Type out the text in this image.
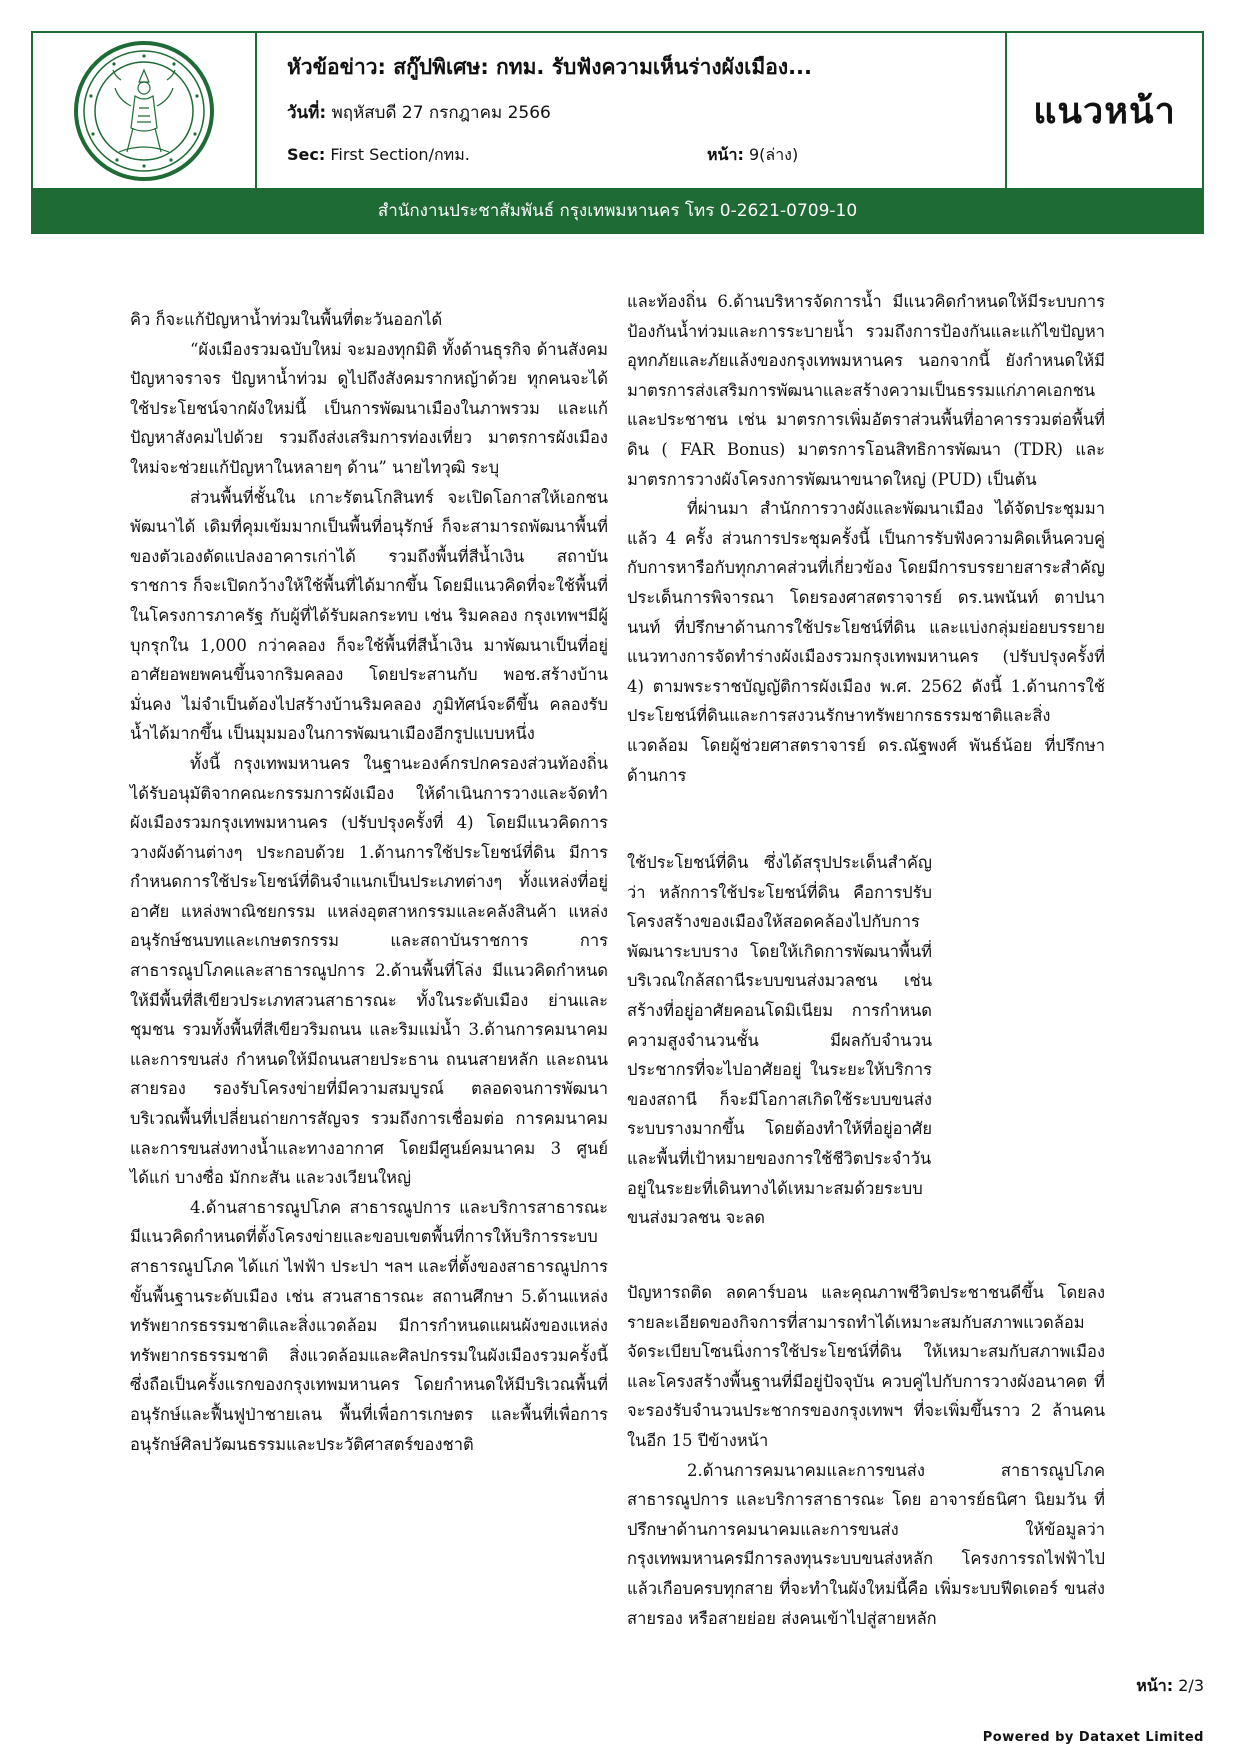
หัวข้อข่าว: สกู๊ปพิเศษ: กทม. รับฟังความเห็นร่างผังเมือง...
วันที่: พฤหัสบดี 27 กรกฎาคม 2566
Sec: First Section/กทม.	หน้า: 9(ล่าง)
แนวหน้า
สำนักงานประชาสัมพันธ์ กรุงเทพมหานคร โทร 0-2621-0709-10

คิว ก็จะแก้ปัญหาน้ำท่วมในพื้นที่ตะวันออกได้

“ผังเมืองรวมฉบับใหม่ จะมองทุกมิติ ทั้งด้านธุรกิจ ด้านสังคม ปัญหาจราจร ปัญหาน้ำท่วม ดูไปถึงสังคมรากหญ้าด้วย ทุกคนจะได้ใช้ประโยชน์จากผังใหม่นี้ เป็นการพัฒนาเมืองในภาพรวม และแก้ปัญหาสังคมไปด้วย รวมถึงส่งเสริมการท่องเที่ยว มาตรการผังเมืองใหม่จะช่วยแก้ปัญหาในหลายๆ ด้าน” นายไทวุฒิ ระบุ

ส่วนพื้นที่ชั้นใน เกาะรัตนโกสินทร์ จะเปิดโอกาสให้เอกชนพัฒนาได้ เดิมที่คุมเข้มมากเป็นพื้นที่อนุรักษ์ ก็จะสามารถพัฒนาพื้นที่ของตัวเองดัดแปลงอาคารเก่าได้ รวมถึงพื้นที่สีน้ำเงิน สถาบันราชการ ก็จะเปิดกว้างให้ใช้พื้นที่ได้มากขึ้น โดยมีแนวคิดที่จะใช้พื้นที่ในโครงการภาครัฐ กับผู้ที่ได้รับผลกระทบ เช่น ริมคลอง กรุงเทพฯมีผู้บุกรุกใน 1,000 กว่าคลอง ก็จะใช้พื้นที่สีน้ำเงิน มาพัฒนาเป็นที่อยู่อาศัยอพยพคนขึ้นจากริมคลอง โดยประสานกับ พอช.สร้างบ้านมั่นคง ไม่จำเป็นต้องไปสร้างบ้านริมคลอง ภูมิทัศน์จะดีขึ้น คลองรับน้ำได้มากขึ้น เป็นมุมมองในการพัฒนาเมืองอีกรูปแบบหนึ่ง

ทั้งนี้ กรุงเทพมหานคร ในฐานะองค์กรปกครองส่วนท้องถิ่น ได้รับอนุมัติจากคณะกรรมการผังเมือง ให้ดำเนินการวางและจัดทำผังเมืองรวมกรุงเทพมหานคร (ปรับปรุงครั้งที่ 4) โดยมีแนวคิดการวางผังด้านต่างๆ ประกอบด้วย 1.ด้านการใช้ประโยชน์ที่ดิน มีการกำหนดการใช้ประโยชน์ที่ดินจำแนกเป็นประเภทต่างๆ ทั้งแหล่งที่อยู่อาศัย แหล่งพาณิชยกรรม แหล่งอุตสาหกรรมและคลังสินค้า แหล่งอนุรักษ์ชนบทและเกษตรกรรม และสถาบันราชการ การสาธารณูปโภคและสาธารณูปการ 2.ด้านพื้นที่โล่ง มีแนวคิดกำหนดให้มีพื้นที่สีเขียวประเภทสวนสาธารณะ ทั้งในระดับเมือง ย่านและชุมชน รวมทั้งพื้นที่สีเขียวริมถนน และริมแม่น้ำ 3.ด้านการคมนาคมและการขนส่ง กำหนดให้มีถนนสายประธาน ถนนสายหลัก และถนนสายรอง รองรับโครงข่ายที่มีความสมบูรณ์ ตลอดจนการพัฒนาบริเวณพื้นที่เปลี่ยนถ่ายการสัญจร รวมถึงการเชื่อมต่อ การคมนาคมและการขนส่งทางน้ำและทางอากาศ โดยมีศูนย์คมนาคม 3 ศูนย์ ได้แก่ บางซื่อ มักกะสัน และวงเวียนใหญ่

4.ด้านสาธารณูปโภค สาธารณูปการ และบริการสาธารณะ มีแนวคิดกำหนดที่ตั้งโครงข่ายและขอบเขตพื้นที่การให้บริการระบบสาธารณูปโภค ได้แก่ ไฟฟ้า ประปา ฯลฯ และที่ตั้งของสาธารณูปการขั้นพื้นฐานระดับเมือง เช่น สวนสาธารณะ สถานศึกษา 5.ด้านแหล่งทรัพยากรธรรมชาติและสิ่งแวดล้อม มีการกำหนดแผนผังของแหล่งทรัพยากรธรรมชาติ สิ่งแวดล้อมและศิลปกรรมในผังเมืองรวมครั้งนี้ ซึ่งถือเป็นครั้งแรกของกรุงเทพมหานคร โดยกำหนดให้มีบริเวณพื้นที่อนุรักษ์และฟื้นฟูป่าชายเลน พื้นที่เพื่อการเกษตร และพื้นที่เพื่อการอนุรักษ์ศิลปวัฒนธรรมและประวัติศาสตร์ของชาติ

และท้องถิ่น 6.ด้านบริหารจัดการน้ำ มีแนวคิดกำหนดให้มีระบบการป้องกันน้ำท่วมและการระบายน้ำ รวมถึงการป้องกันและแก้ไขปัญหาอุทกภัยและภัยแล้งของกรุงเทพมหานคร นอกจากนี้ ยังกำหนดให้มีมาตรการส่งเสริมการพัฒนาและสร้างความเป็นธรรมแก่ภาคเอกชนและประชาชน เช่น มาตรการเพิ่มอัตราส่วนพื้นที่อาคารรวมต่อพื้นที่ดิน ( FAR Bonus) มาตรการโอนสิทธิการพัฒนา (TDR) และมาตรการวางผังโครงการพัฒนาขนาดใหญ่ (PUD) เป็นต้น

ที่ผ่านมา สำนักการวางผังและพัฒนาเมือง ได้จัดประชุมมาแล้ว 4 ครั้ง ส่วนการประชุมครั้งนี้ เป็นการรับฟังความคิดเห็นควบคู่กับการหารือกับทุกภาคส่วนที่เกี่ยวข้อง โดยมีการบรรยายสาระสำคัญประเด็นการพิจารณา โดยรองศาสตราจารย์ ดร.นพนันท์ ตาปนานนท์ ที่ปรึกษาด้านการใช้ประโยชน์ที่ดิน และแบ่งกลุ่มย่อยบรรยายแนวทางการจัดทำร่างผังเมืองรวมกรุงเทพมหานคร (ปรับปรุงครั้งที่ 4) ตามพระราชบัญญัติการผังเมือง พ.ศ. 2562 ดังนี้ 1.ด้านการใช้ประโยชน์ที่ดินและการสงวนรักษาทรัพยากรธรรมชาติและสิ่งแวดล้อม โดยผู้ช่วยศาสตราจารย์ ดร.ณัฐพงศ์ พันธ์น้อย ที่ปรึกษาด้านการ

ใช้ประโยชน์ที่ดิน ซึ่งได้สรุปประเด็นสำคัญว่า หลักการใช้ประโยชน์ที่ดิน คือการปรับโครงสร้างของเมืองให้สอดคล้องไปกับการพัฒนาระบบราง โดยให้เกิดการพัฒนาพื้นที่บริเวณใกล้สถานีระบบขนส่งมวลชน เช่น สร้างที่อยู่อาศัยคอนโดมิเนียม การกำหนดความสูงจำนวนชั้น มีผลกับจำนวนประชากรที่จะไปอาศัยอยู่ ในระยะให้บริการของสถานี ก็จะมีโอกาสเกิดใช้ระบบขนส่งระบบรางมากขึ้น โดยต้องทำให้ที่อยู่อาศัยและพื้นที่เป้าหมายของการใช้ชีวิตประจำวันอยู่ในระยะที่เดินทางได้เหมาะสมด้วยระบบขนส่งมวลชน จะลด

ปัญหารถติด ลดคาร์บอน และคุณภาพชีวิตประชาชนดีขึ้น โดยลงรายละเอียดของกิจการที่สามารถทำได้เหมาะสมกับสภาพแวดล้อม จัดระเบียบโซนนิ่งการใช้ประโยชน์ที่ดิน ให้เหมาะสมกับสภาพเมืองและโครงสร้างพื้นฐานที่มีอยู่ปัจจุบัน ควบคู่ไปกับการวางผังอนาคต ที่จะรองรับจำนวนประชากรของกรุงเทพฯ ที่จะเพิ่มขึ้นราว 2 ล้านคน ในอีก 15 ปีข้างหน้า

2.ด้านการคมนาคมและการขนส่ง สาธารณูปโภค สาธารณูปการ และบริการสาธารณะ โดย อาจารย์ธนิศา นิยมวัน ที่ปรึกษาด้านการคมนาคมและการขนส่ง ให้ข้อมูลว่า กรุงเทพมหานครมีการลงทุนระบบขนส่งหลัก โครงการรถไฟฟ้าไปแล้วเกือบครบทุกสาย ที่จะทำในผังใหม่นี้คือ เพิ่มระบบฟีดเดอร์ ขนส่งสายรอง หรือสายย่อย ส่งคนเข้าไปสู่สายหลัก

หน้า: 2/3
Powered by Dataxet Limited
